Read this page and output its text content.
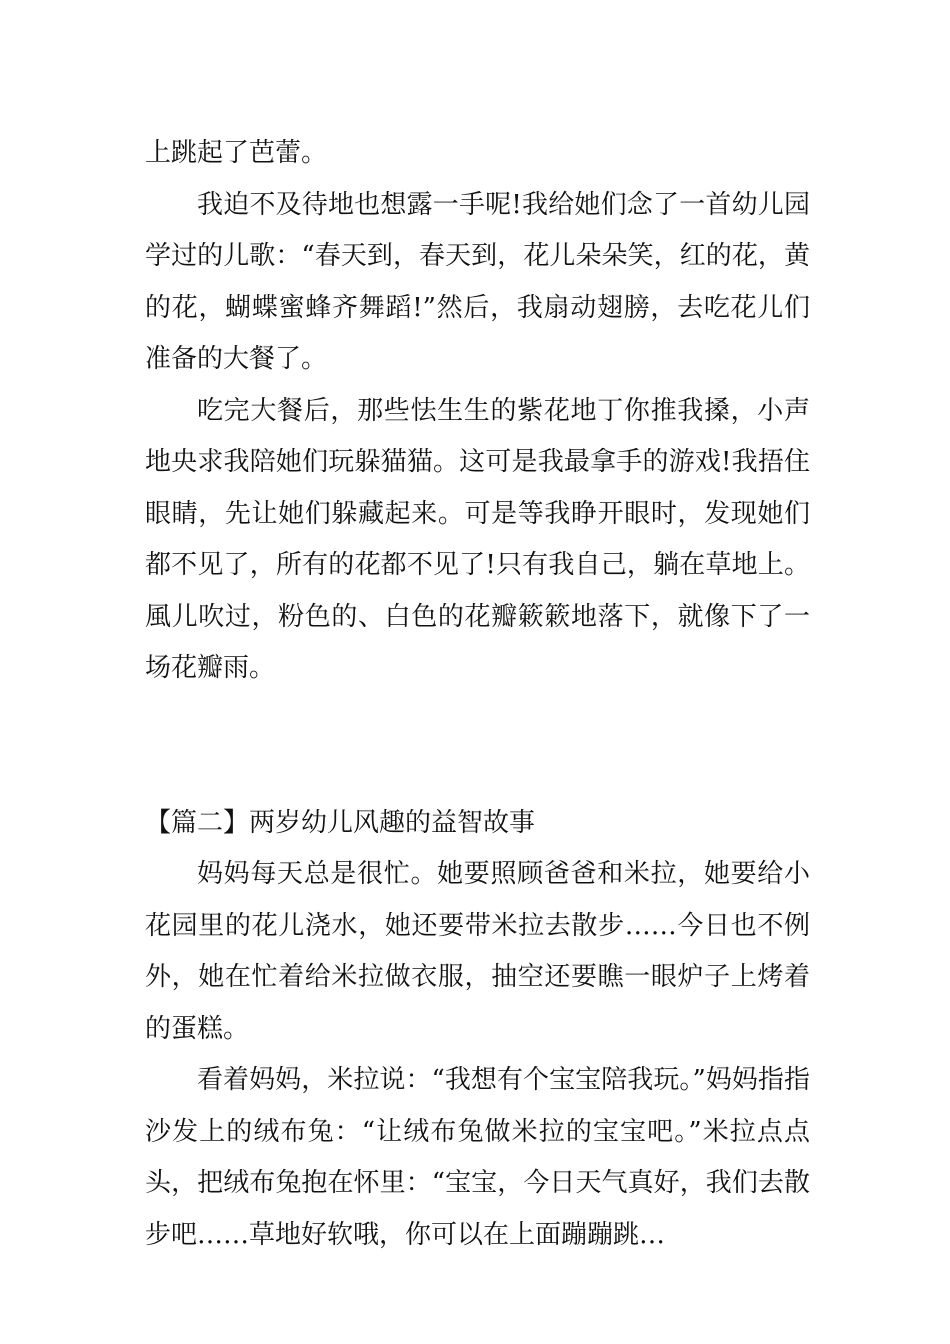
上跳起了芭蕾。

我迫不及待地也想露一手呢!我给她们念了一首幼儿园学过的儿歌：“春天到，春天到，花儿朵朵笑，红的花，黄的花，蝴蝶蜜蜂齐舞蹈!”然后，我扇动翅膀，去吃花儿们准备的大餐了。

吃完大餐后，那些怯生生的紫花地丁你推我搡，小声地央求我陪她们玩躲猫猫。这可是我最拿手的游戏!我捂住眼睛，先让她们躲藏起来。可是等我睁开眼时，发现她们都不见了，所有的花都不见了!只有我自己，躺在草地上。風儿吹过，粉色的、白色的花瓣簌簌地落下，就像下了一场花瓣雨。

【篇二】两岁幼儿风趣的益智故事

妈妈每天总是很忙。她要照顾爸爸和米拉，她要给小花园里的花儿浇水，她还要带米拉去散步……今日也不例外，她在忙着给米拉做衣服，抽空还要瞧一眼炉子上烤着的蛋糕。

看着妈妈，米拉说：“我想有个宝宝陪我玩。”妈妈指指沙发上的绒布兔：“让绒布兔做米拉的宝宝吧。”米拉点点头，把绒布兔抱在怀里：“宝宝，今日天气真好，我们去散步吧……草地好软哦，你可以在上面蹦蹦跳…
